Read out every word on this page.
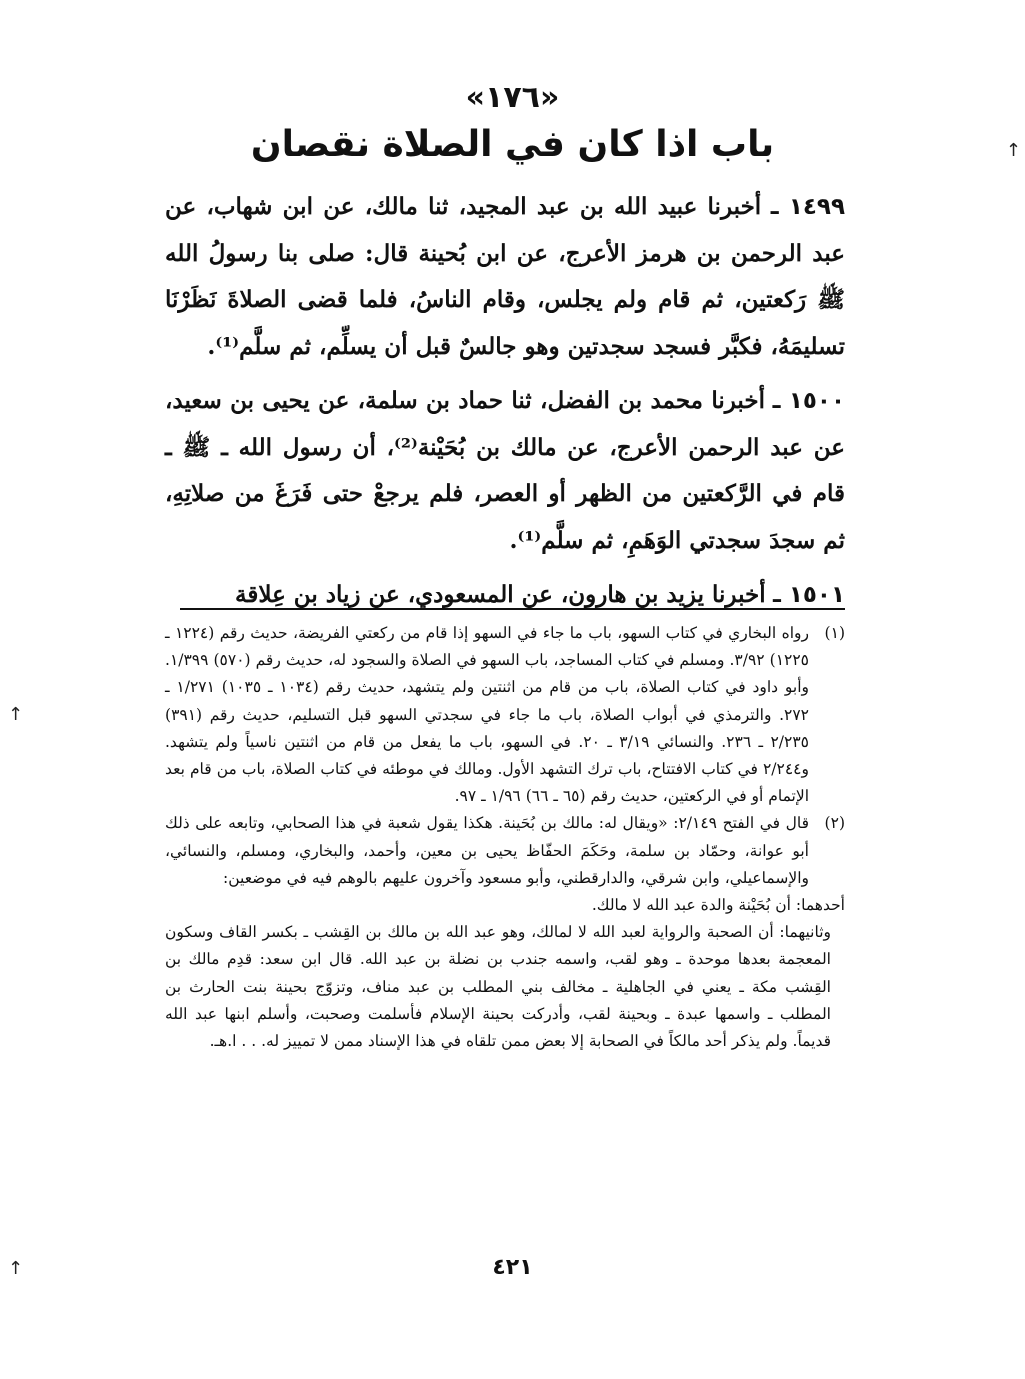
«١٧٦»
باب اذا كان في الصلاة نقصان

١٤٩٩ ـ أخبرنا عبيد الله بن عبد المجيد، ثنا مالك، عن ابن شهاب، عن عبد الرحمن بن هرمز الأعرج، عن ابن بُحينة قال: صلى بنا رسولُ الله ﷺ رَكعتين، ثم قام ولم يجلس، وقام الناسُ، فلما قضى الصلاةَ نَظَرْنَا تسليمَهُ، فكبَّر فسجد سجدتين وهو جالسٌ قبل أن يسلِّم، ثم سلَّم⁽¹⁾.

١٥٠٠ ـ أخبرنا محمد بن الفضل، ثنا حماد بن سلمة، عن يحيى بن سعيد، عن عبد الرحمن الأعرج، عن مالك بن بُحَيْنة⁽²⁾، أن رسول الله ـ ﷺ ـ قام في الرَّكعتين من الظهر أو العصر، فلم يرجعْ حتى فَرَغَ من صلاتِهِ، ثم سجدَ سجدتي الوَهَمِ، ثم سلَّم⁽¹⁾.

١٥٠١ ـ أخبرنا يزيد بن هارون، عن المسعودي، عن زياد بن عِلاقة

(١)
رواه البخاري في كتاب السهو، باب ما جاء في السهو إذا قام من ركعتي الفريضة، حديث رقم (١٢٢٤ ـ ١٢٢٥) ٣/٩٢. ومسلم في كتاب المساجد، باب السهو في الصلاة والسجود له، حديث رقم (٥٧٠) ١/٣٩٩. وأبو داود في كتاب الصلاة، باب من قام من اثنتين ولم يتشهد، حديث رقم (١٠٣٤ ـ ١٠٣٥) ١/٢٧١ ـ ٢٧٢. والترمذي في أبواب الصلاة، باب ما جاء في سجدتي السهو قبل التسليم، حديث رقم (٣٩١) ٢/٢٣٥ ـ ٢٣٦. والنسائي ٣/١٩ ـ ٢٠. في السهو، باب ما يفعل من قام من اثنتين ناسياً ولم يتشهد. و٢/٢٤٤ في كتاب الافتتاح، باب ترك التشهد الأول. ومالك في موطئه في كتاب الصلاة، باب من قام بعد الإتمام أو في الركعتين، حديث رقم (٦٥ ـ ٦٦) ١/٩٦ ـ ٩٧.

(٢)
قال في الفتح ٢/١٤٩: «ويقال له: مالك بن بُحَينة. هكذا يقول شعبة في هذا الصحابي، وتابعه على ذلك أبو عوانة، وحمّاد بن سلمة، وحَكَمَ الحفّاظ يحيى بن معين، وأحمد، والبخاري، ومسلم، والنسائي، والإسماعيلي، وابن شرقي، والدارقطني، وأبو مسعود وآخرون عليهم بالوهم فيه في موضعين:

أحدهما: أن بُحَيْنة والدة عبد الله لا مالك.
وثانيهما: أن الصحبة والرواية لعبد الله لا لمالك، وهو عبد الله بن مالك بن القِشب ـ بكسر القاف وسكون المعجمة بعدها موحدة ـ وهو لقب، واسمه جندب بن نضلة بن عبد الله. قال ابن سعد: قدِم مالك بن القِشب مكة ـ يعني في الجاهلية ـ مخالف بني المطلب بن عبد مناف، وتزوّج بحينة بنت الحارث بن المطلب ـ واسمها عبدة ـ وبحينة لقب، وأدركت بحينة الإسلام فأسلمت وصحبت، وأسلم ابنها عبد الله قديماً. ولم يذكر أحد مالكاً في الصحابة إلا بعض ممن تلقاه في هذا الإسناد ممن لا تمييز له. . . ا.هـ.

٤٢١
↑
↑
↑
